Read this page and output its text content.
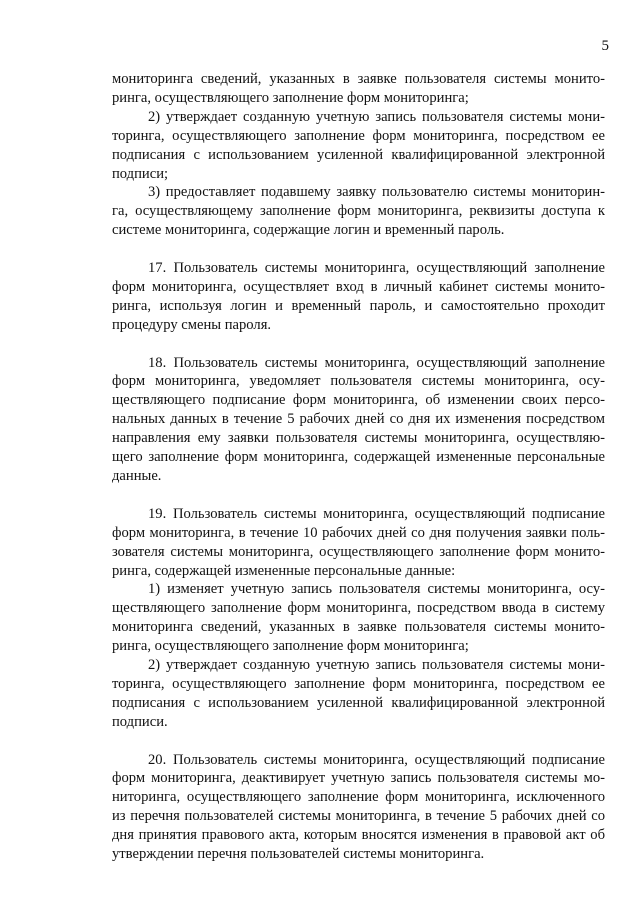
5

мониторинга сведений, указанных в заявке пользователя системы монито-
ринга, осуществляющего заполнение форм мониторинга;

2) утверждает созданную учетную запись пользователя системы мони-
торинга, осуществляющего заполнение форм мониторинга, посредством ее
подписания с использованием усиленной квалифицированной электронной
подписи;

3) предоставляет подавшему заявку пользователю системы мониторин-
га, осуществляющему заполнение форм мониторинга, реквизиты доступа к
системе мониторинга, содержащие логин и временный пароль.

17. Пользователь системы мониторинга, осуществляющий заполнение
форм мониторинга, осуществляет вход в личный кабинет системы монито-
ринга, используя логин и временный пароль, и самостоятельно проходит
процедуру смены пароля.

18. Пользователь системы мониторинга, осуществляющий заполнение
форм мониторинга, уведомляет пользователя системы мониторинга, осу-
ществляющего подписание форм мониторинга, об изменении своих персо-
нальных данных в течение 5 рабочих дней со дня их изменения посредством
направления ему заявки пользователя системы мониторинга, осуществляю-
щего заполнение форм мониторинга, содержащей измененные персональные
данные.

19. Пользователь системы мониторинга, осуществляющий подписание
форм мониторинга, в течение 10 рабочих дней со дня получения заявки поль-
зователя системы мониторинга, осуществляющего заполнение форм монито-
ринга, содержащей измененные персональные данные:

1) изменяет учетную запись пользователя системы мониторинга, осу-
ществляющего заполнение форм мониторинга, посредством ввода в систему
мониторинга сведений, указанных в заявке пользователя системы монито-
ринга, осуществляющего заполнение форм мониторинга;

2) утверждает созданную учетную запись пользователя системы мони-
торинга, осуществляющего заполнение форм мониторинга, посредством ее
подписания с использованием усиленной квалифицированной электронной
подписи.

20. Пользователь системы мониторинга, осуществляющий подписание
форм мониторинга, деактивирует учетную запись пользователя системы мо-
ниторинга, осуществляющего заполнение форм мониторинга, исключенного
из перечня пользователей системы мониторинга, в течение 5 рабочих дней со
дня принятия правового акта, которым вносятся изменения в правовой акт об
утверждении перечня пользователей системы мониторинга.
